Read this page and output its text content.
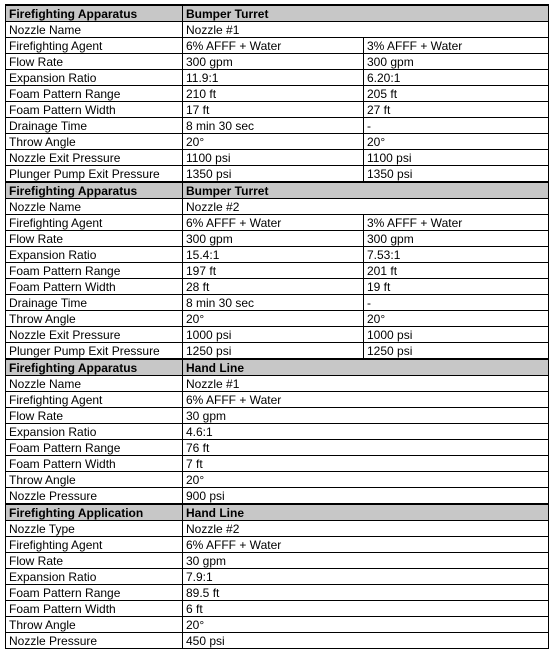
Firefighting Apparatus	Bumper Turret	
Nozzle Name	Nozzle #1	
Firefighting Agent	6% AFFF + Water	3% AFFF + Water
Flow Rate	300 gpm	300 gpm
Expansion Ratio	11.9:1	6.20:1
Foam Pattern Range	210 ft	205 ft
Foam Pattern Width	17 ft	27 ft
Drainage Time	8 min 30 sec	-
Throw Angle	20°	20°
Nozzle Exit Pressure	1100 psi	1100 psi
Plunger Pump Exit Pressure	1350 psi	1350 psi
Firefighting Apparatus	Bumper Turret	
Nozzle Name	Nozzle #2	
Firefighting Agent	6% AFFF + Water	3% AFFF + Water
Flow Rate	300 gpm	300 gpm
Expansion Ratio	15.4:1	7.53:1
Foam Pattern Range	197 ft	201 ft
Foam Pattern Width	28 ft	19 ft
Drainage Time	8 min 30 sec	-
Throw Angle	20°	20°
Nozzle Exit Pressure	1000 psi	1000 psi
Plunger Pump Exit Pressure	1250 psi	1250 psi
Firefighting Apparatus	Hand Line	
Nozzle Name	Nozzle #1	
Firefighting Agent	6% AFFF + Water	
Flow Rate	30 gpm	
Expansion Ratio	4.6:1	
Foam Pattern Range	76 ft	
Foam Pattern Width	7 ft	
Throw Angle	20°	
Nozzle Pressure	900 psi	
Firefighting Application	Hand Line	
Nozzle Type	Nozzle #2	
Firefighting Agent	6% AFFF + Water	
Flow Rate	30 gpm	
Expansion Ratio	7.9:1	
Foam Pattern Range	89.5 ft	
Foam Pattern Width	6 ft	
Throw Angle	20°	
Nozzle Pressure	450 psi	
